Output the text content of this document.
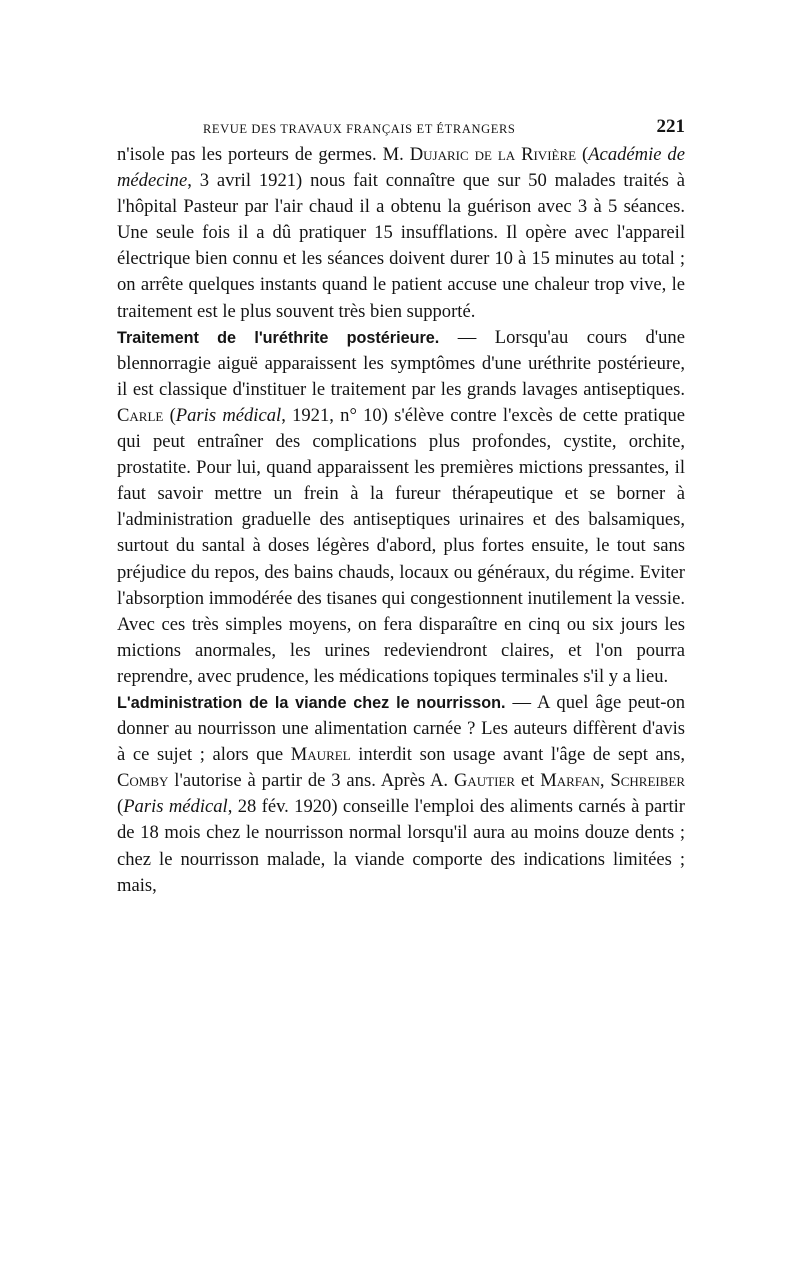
REVUE DES TRAVAUX FRANÇAIS ET ÉTRANGERS	221

n'isole pas les porteurs de germes. M. Dujaric de la Rivière (Académie de médecine, 3 avril 1921) nous fait connaître que sur 50 malades traités à l'hôpital Pasteur par l'air chaud il a obtenu la guérison avec 3 à 5 séances. Une seule fois il a dû pratiquer 15 insufflations. Il opère avec l'appareil électrique bien connu et les séances doivent durer 10 à 15 minutes au total ; on arrête quelques instants quand le patient accuse une chaleur trop vive, le traitement est le plus souvent très bien supporté.

Traitement de l'uréthrite postérieure. — Lorsqu'au cours d'une blennorragie aiguë apparaissent les symptômes d'une uréthrite postérieure, il est classique d'instituer le traitement par les grands lavages antiseptiques. Carle (Paris médical, 1921, n° 10) s'élève contre l'excès de cette pratique qui peut entraîner des complications plus profondes, cystite, orchite, prostatite. Pour lui, quand apparaissent les premières mictions pressantes, il faut savoir mettre un frein à la fureur thérapeutique et se borner à l'administration graduelle des antiseptiques urinaires et des balsamiques, surtout du santal à doses légères d'abord, plus fortes ensuite, le tout sans préjudice du repos, des bains chauds, locaux ou généraux, du régime. Eviter l'absorption immodérée des tisanes qui congestionnent inutilement la vessie. Avec ces très simples moyens, on fera disparaître en cinq ou six jours les mictions anormales, les urines redeviendront claires, et l'on pourra reprendre, avec prudence, les médications topiques terminales s'il y a lieu.

L'administration de la viande chez le nourrisson. — A quel âge peut-on donner au nourrisson une alimentation carnée ? Les auteurs diffèrent d'avis à ce sujet ; alors que Maurel interdit son usage avant l'âge de sept ans, Comby l'autorise à partir de 3 ans. Après A. Gautier et Marfan, Schreiber (Paris médical, 28 fév. 1920) conseille l'emploi des aliments carnés à partir de 18 mois chez le nourrisson normal lorsqu'il aura au moins douze dents ; chez le nourrisson malade, la viande comporte des indications limitées ; mais,
